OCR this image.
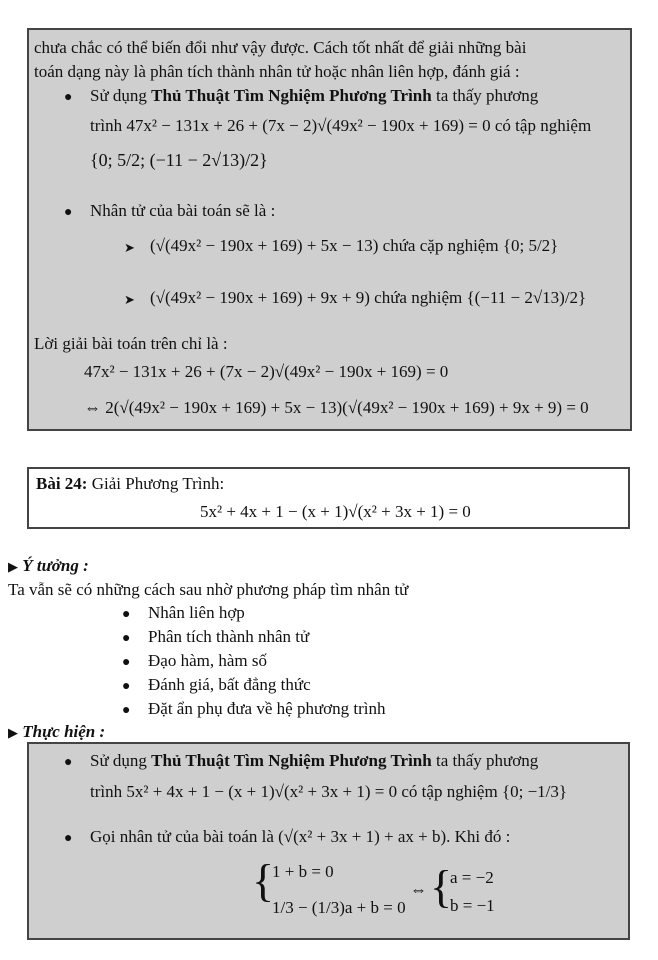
chưa chắc có thể biến đổi như vậy được. Cách tốt nhất để giải những bài
toán dạng này là phân tích thành nhân tử hoặc nhân liên hợp, đánh giá :
● Sử dụng Thủ Thuật Tìm Nghiệm Phương Trình ta thấy phương
trình 47x² − 131x + 26 + (7x − 2)√(49x² − 190x + 169) = 0 có tập nghiệm
{0; 5/2; (−11 − 2√13)/2}
● Nhân tử của bài toán sẽ là :
➤ (√(49x² − 190x + 169) + 5x − 13) chứa cặp nghiệm {0; 5/2}
➤ (√(49x² − 190x + 169) + 9x + 9) chứa nghiệm {(−11 − 2√13)/2}
Lời giải bài toán trên chỉ là :
47x² − 131x + 26 + (7x − 2)√(49x² − 190x + 169) = 0
⇔ 2(√(49x² − 190x + 169) + 5x − 13)(√(49x² − 190x + 169) + 9x + 9) = 0
Bài 24: Giải Phương Trình:
5x² + 4x + 1 − (x + 1)√(x² + 3x + 1) = 0
▶ Ý tưởng :
Ta vẫn sẽ có những cách sau nhờ phương pháp tìm nhân tử
● Nhân liên hợp
● Phân tích thành nhân tử
● Đạo hàm, hàm số
● Đánh giá, bất đẳng thức
● Đặt ẩn phụ đưa về hệ phương trình
▶ Thực hiện :
● Sử dụng Thủ Thuật Tìm Nghiệm Phương Trình ta thấy phương
trình 5x² + 4x + 1 − (x + 1)√(x² + 3x + 1) = 0 có tập nghiệm {0; −1/3}
● Gọi nhân tử của bài toán là (√(x² + 3x + 1) + ax + b). Khi đó :
{
1 + b = 0
1/3 − (1/3)a + b = 0
⇔ {
a = −2
b = −1
